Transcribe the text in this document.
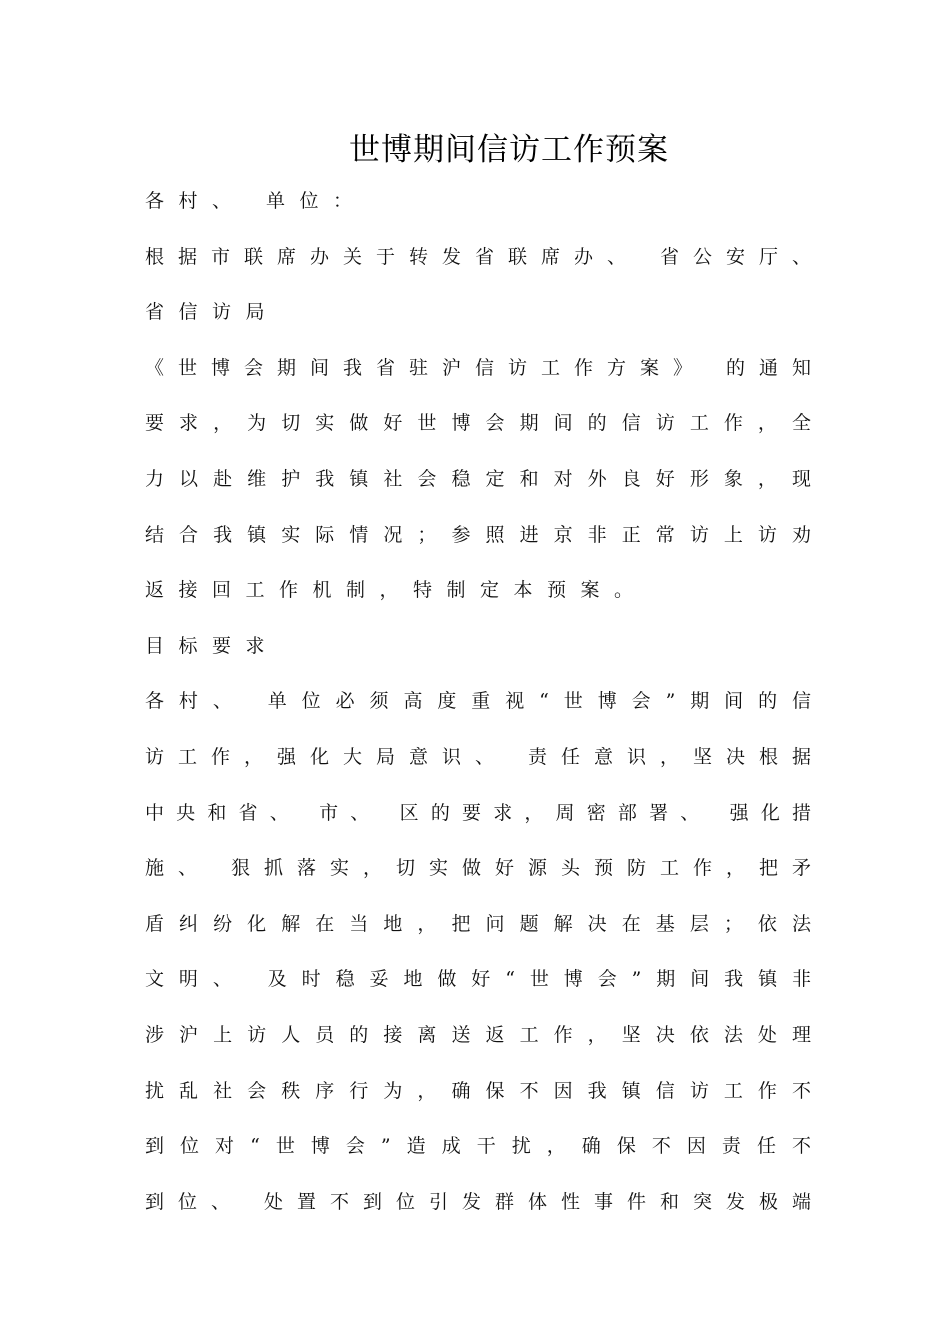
世博期间信访工作预案
各村、 单位：
根据市联席办关于转发省联席办、 省公安厅、
省信访局
《世博会期间我省驻沪信访工作方案》 的通知
要求，为切实做好世博会期间的信访工作，全
力以赴维护我镇社会稳定和对外良好形象，现
结合我镇实际情况；参照进京非正常访上访劝
返接回工作机制，特制定本预案。
目标要求
各村、 单位必须高度重视“世博会”期间的信
访工作，强化大局意识、 责任意识，坚决根据
中央和省、 市、 区的要求，周密部署、 强化措
施、 狠抓落实，切实做好源头预防工作，把矛
盾纠纷化解在当地，把问题解决在基层；依法
文明、 及时稳妥地做好“世博会”期间我镇非
涉沪上访人员的接离送返工作，坚决依法处理
扰乱社会秩序行为，确保不因我镇信访工作不
到位对“世博会”造成干扰，确保不因责任不
到位、 处置不到位引发群体性事件和突发极端
